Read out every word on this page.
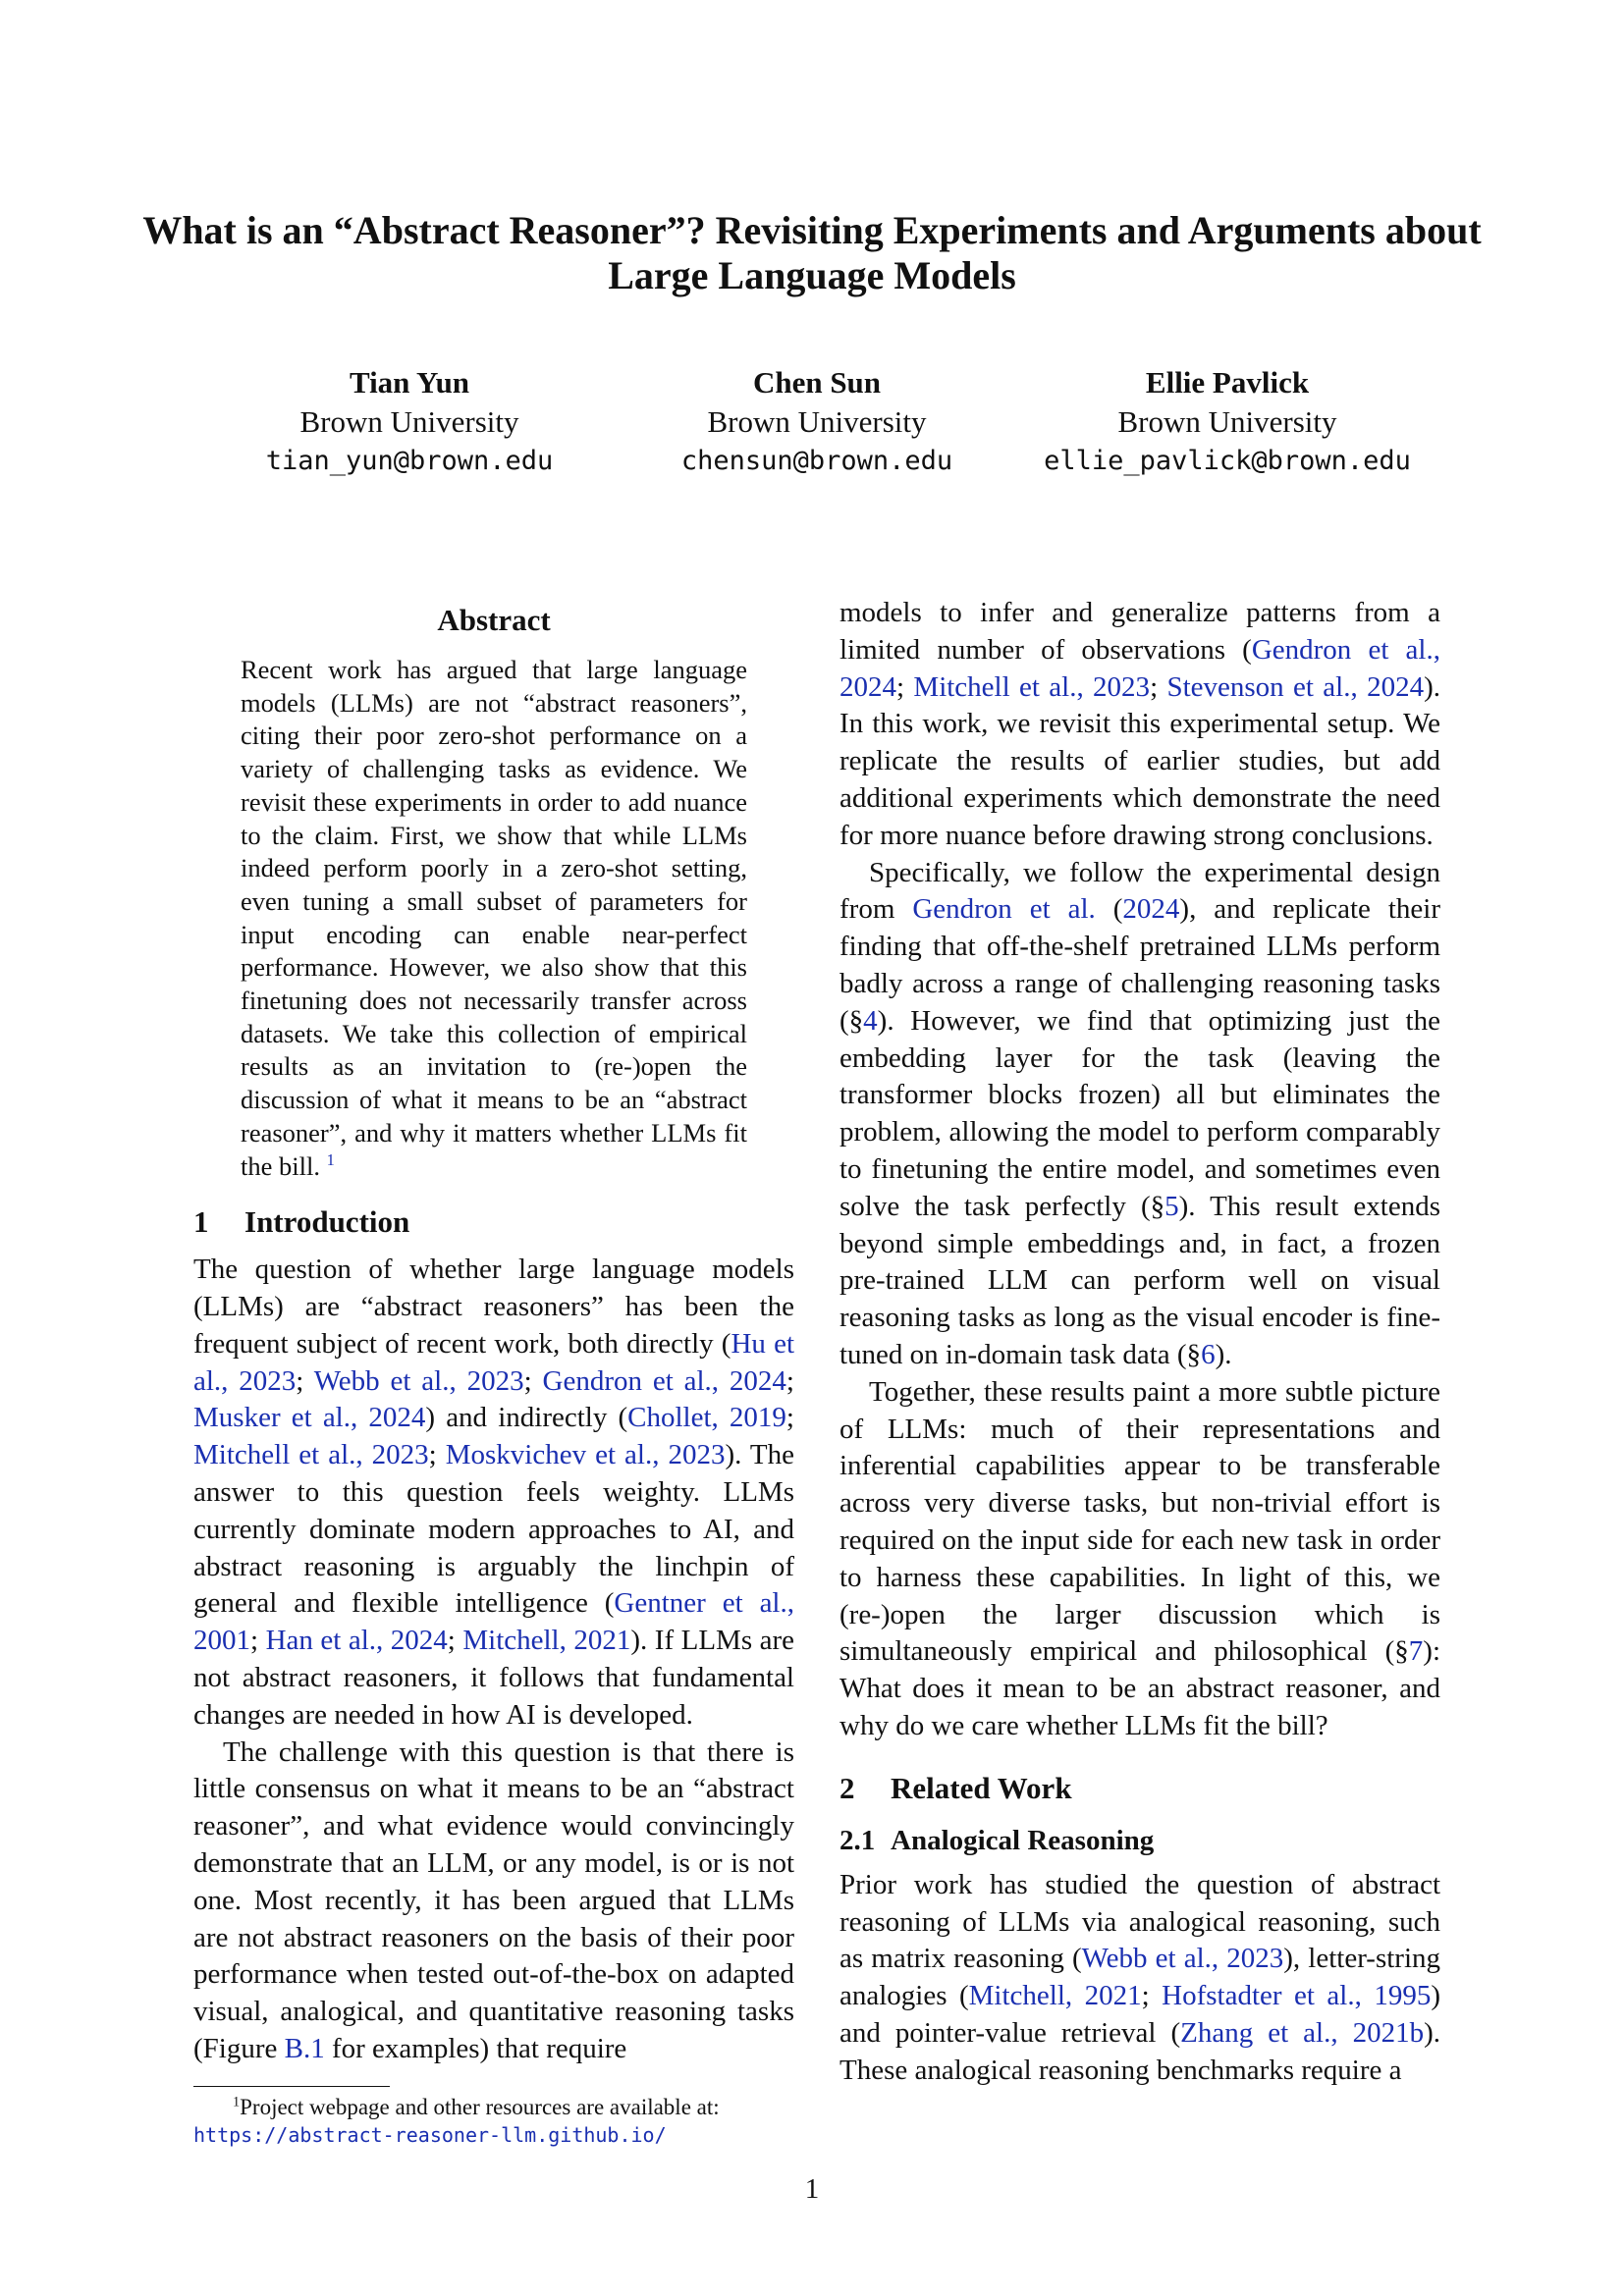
What is an “Abstract Reasoner”? Revisiting Experiments and Arguments about Large Language Models
Tian Yun
Brown University
tian_yun@brown.edu
Chen Sun
Brown University
chensun@brown.edu
Ellie Pavlick
Brown University
ellie_pavlick@brown.edu
Abstract
Recent work has argued that large language models (LLMs) are not “abstract reasoners”, citing their poor zero-shot performance on a variety of challenging tasks as evidence. We revisit these experiments in order to add nuance to the claim. First, we show that while LLMs indeed perform poorly in a zero-shot setting, even tuning a small subset of parameters for input encoding can enable near-perfect performance. However, we also show that this finetuning does not necessarily transfer across datasets. We take this collection of empirical results as an invitation to (re-)open the discussion of what it means to be an “abstract reasoner”, and why it matters whether LLMs fit the bill. $^1$
1 Introduction

The question of whether large language models (LLMs) are “abstract reasoners” has been the frequent subject of recent work, both directly (Hu et al., 2023; Webb et al., 2023; Gendron et al., 2024; Musker et al., 2024) and indirectly (Chollet, 2019; Mitchell et al., 2023; Moskvichev et al., 2023). The answer to this question feels weighty. LLMs currently dominate modern approaches to AI, and abstract reasoning is arguably the linchpin of general and flexible intelligence (Gentner et al., 2001; Han et al., 2024; Mitchell, 2021). If LLMs are not abstract reasoners, it follows that fundamental changes are needed in how AI is developed.

The challenge with this question is that there is little consensus on what it means to be an “abstract reasoner”, and what evidence would convincingly demonstrate that an LLM, or any model, is or is not one. Most recently, it has been argued that LLMs are not abstract reasoners on the basis of their poor performance when tested out-of-the-box on adapted visual, analogical, and quantitative reasoning tasks (Figure B.1 for examples) that require

$^1$Project webpage and other resources are available at:
https://abstract-reasoner-llm.github.io/

models to infer and generalize patterns from a limited number of observations (Gendron et al., 2024; Mitchell et al., 2023; Stevenson et al., 2024). In this work, we revisit this experimental setup. We replicate the results of earlier studies, but add additional experiments which demonstrate the need for more nuance before drawing strong conclusions.

Specifically, we follow the experimental design from Gendron et al. (2024), and replicate their finding that off-the-shelf pretrained LLMs perform badly across a range of challenging reasoning tasks (§4). However, we find that optimizing just the embedding layer for the task (leaving the transformer blocks frozen) all but eliminates the problem, allowing the model to perform comparably to finetuning the entire model, and sometimes even solve the task perfectly (§5). This result extends beyond simple embeddings and, in fact, a frozen pre-trained LLM can perform well on visual reasoning tasks as long as the visual encoder is fine-tuned on in-domain task data (§6).

Together, these results paint a more subtle picture of LLMs: much of their representations and inferential capabilities appear to be transferable across very diverse tasks, but non-trivial effort is required on the input side for each new task in order to harness these capabilities. In light of this, we (re-)open the larger discussion which is simultaneously empirical and philosophical (§7): What does it mean to be an abstract reasoner, and why do we care whether LLMs fit the bill?

2 Related Work
2.1 Analogical Reasoning

Prior work has studied the question of abstract reasoning of LLMs via analogical reasoning, such as matrix reasoning (Webb et al., 2023), letter-string analogies (Mitchell, 2021; Hofstadter et al., 1995) and pointer-value retrieval (Zhang et al., 2021b). These analogical reasoning benchmarks require a

1
